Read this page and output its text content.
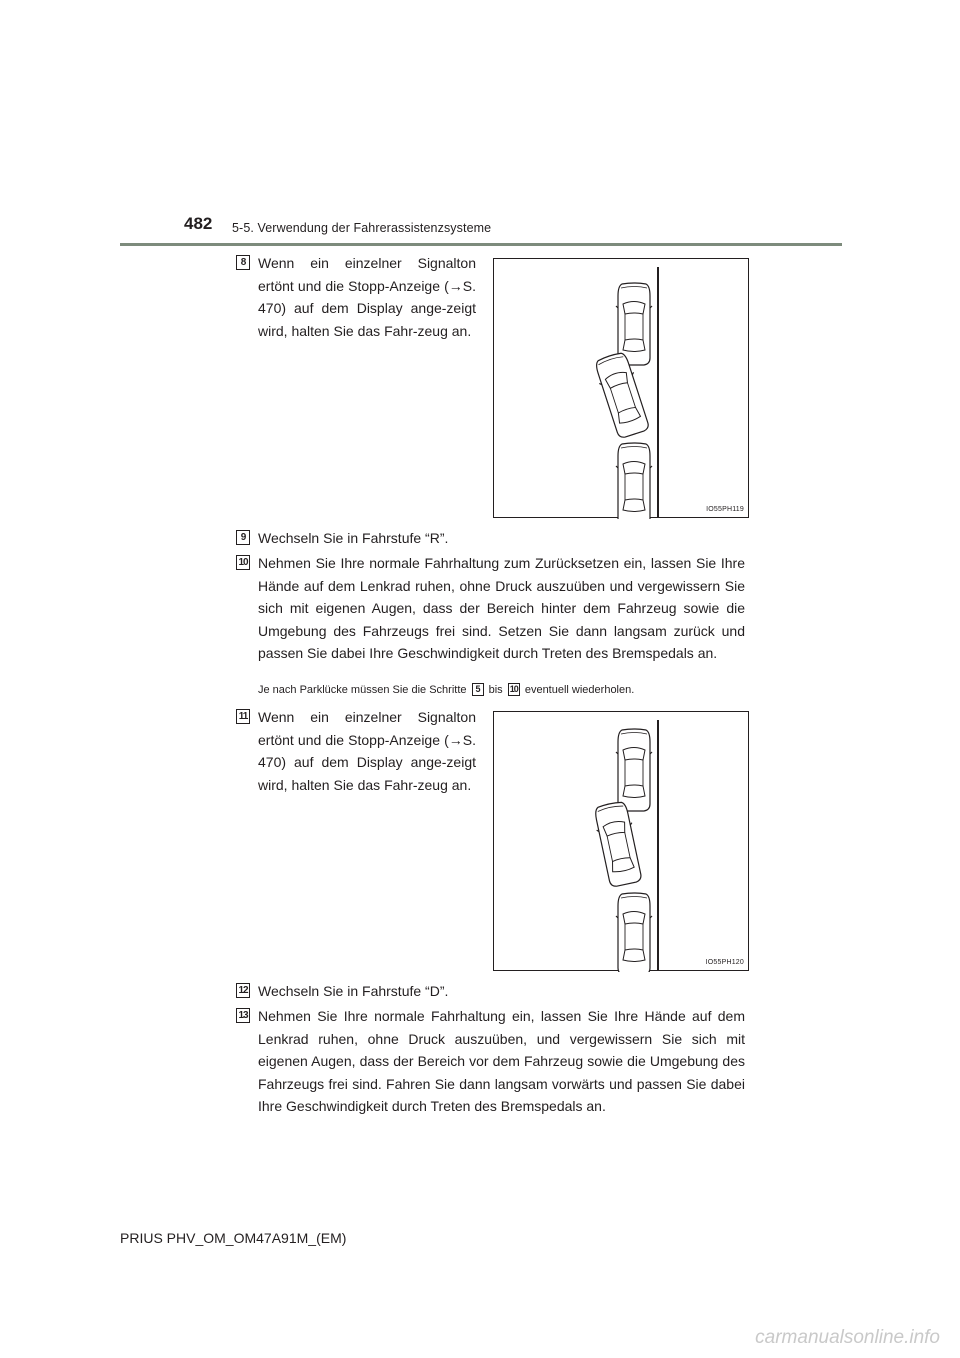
482 5-5. Verwendung der Fahrerassistenzsysteme
8 Wenn ein einzelner Signalton ertönt und die Stopp-Anzeige (→S. 470) auf dem Display ange-zeigt wird, halten Sie das Fahr-zeug an.
IO55PH119
9 Wechseln Sie in Fahrstufe “R”.
10 Nehmen Sie Ihre normale Fahrhaltung zum Zurücksetzen ein, lassen Sie Ihre Hände auf dem Lenkrad ruhen, ohne Druck auszuüben und vergewissern Sie sich mit eigenen Augen, dass der Bereich hinter dem Fahrzeug sowie die Umgebung des Fahrzeugs frei sind. Setzen Sie dann langsam zurück und passen Sie dabei Ihre Geschwindigkeit durch Treten des Bremspedals an.
Je nach Parklücke müssen Sie die Schritte 5 bis 10 eventuell wiederholen.
11 Wenn ein einzelner Signalton ertönt und die Stopp-Anzeige (→S. 470) auf dem Display ange-zeigt wird, halten Sie das Fahr-zeug an.
IO55PH120
12 Wechseln Sie in Fahrstufe “D”.
13 Nehmen Sie Ihre normale Fahrhaltung ein, lassen Sie Ihre Hände auf dem Lenkrad ruhen, ohne Druck auszuüben, und vergewissern Sie sich mit eigenen Augen, dass der Bereich vor dem Fahrzeug sowie die Umgebung des Fahrzeugs frei sind. Fahren Sie dann langsam vorwärts und passen Sie dabei Ihre Geschwindigkeit durch Treten des Bremspedals an.
PRIUS PHV_OM_OM47A91M_(EM)
carmanualsonline.info
